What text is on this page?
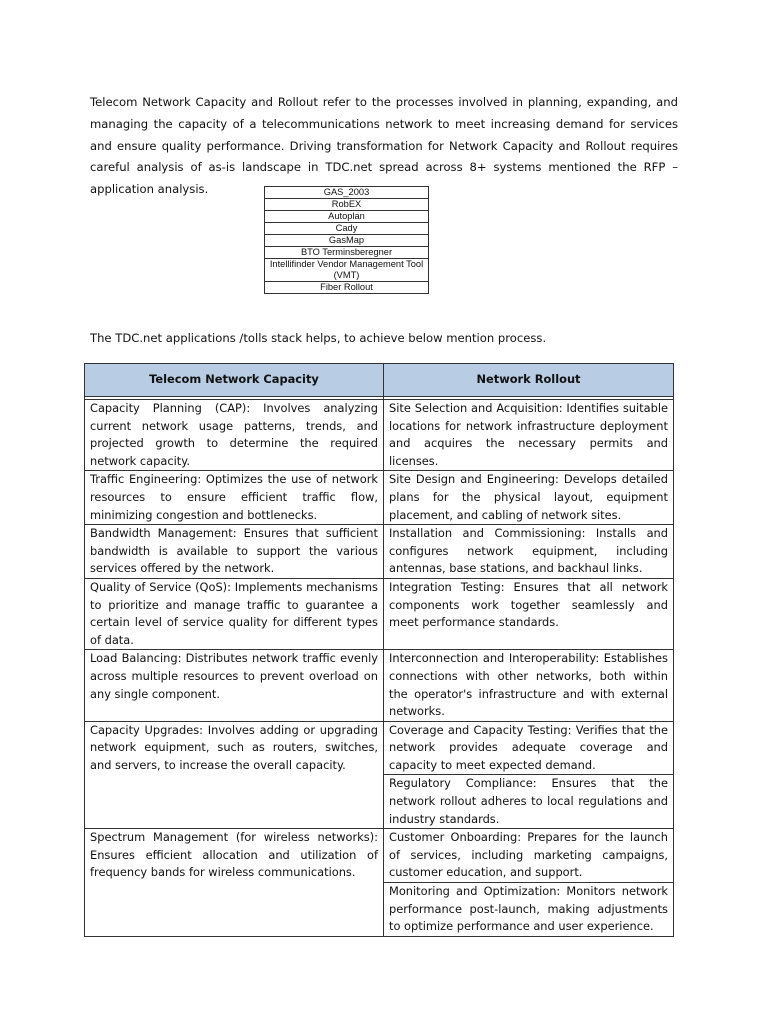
Telecom Network Capacity and Rollout refer to the processes involved in planning, expanding, and managing the capacity of a telecommunications network to meet increasing demand for services and ensure quality performance. Driving transformation for Network Capacity and Rollout requires careful analysis of as-is landscape in TDC.net spread across 8+ systems mentioned the RFP – application analysis.	GAS_2003
RobEX
Autoplan
Cady
GasMap
BTO Terminsberegner
Intellifinder Vendor Management Tool (VMT)
Fiber Rollout

The TDC.net applications /tolls stack helps, to achieve below mention process.

Telecom Network Capacity	Network Rollout

Capacity Planning (CAP): Involves analyzing current network usage patterns, trends, and projected growth to determine the required network capacity.	Site Selection and Acquisition: Identifies suitable locations for network infrastructure deployment and acquires the necessary permits and licenses.
Traffic Engineering: Optimizes the use of network resources to ensure efficient traffic flow, minimizing congestion and bottlenecks.	Site Design and Engineering: Develops detailed plans for the physical layout, equipment placement, and cabling of network sites.
Bandwidth Management: Ensures that sufficient bandwidth is available to support the various services offered by the network.	Installation and Commissioning: Installs and configures network equipment, including antennas, base stations, and backhaul links.
Quality of Service (QoS): Implements mechanisms to prioritize and manage traffic to guarantee a certain level of service quality for different types of data.	Integration Testing: Ensures that all network components work together seamlessly and meet performance standards.
Load Balancing: Distributes network traffic evenly across multiple resources to prevent overload on any single component.	Interconnection and Interoperability: Establishes connections with other networks, both within the operator's infrastructure and with external networks.
Capacity Upgrades: Involves adding or upgrading network equipment, such as routers, switches, and servers, to increase the overall capacity.	Coverage and Capacity Testing: Verifies that the network provides adequate coverage and capacity to meet expected demand.
	Regulatory Compliance: Ensures that the network rollout adheres to local regulations and industry standards.
Spectrum Management (for wireless networks): Ensures efficient allocation and utilization of frequency bands for wireless communications.	Customer Onboarding: Prepares for the launch of services, including marketing campaigns, customer education, and support.
	Monitoring and Optimization: Monitors network performance post-launch, making adjustments to optimize performance and user experience.
